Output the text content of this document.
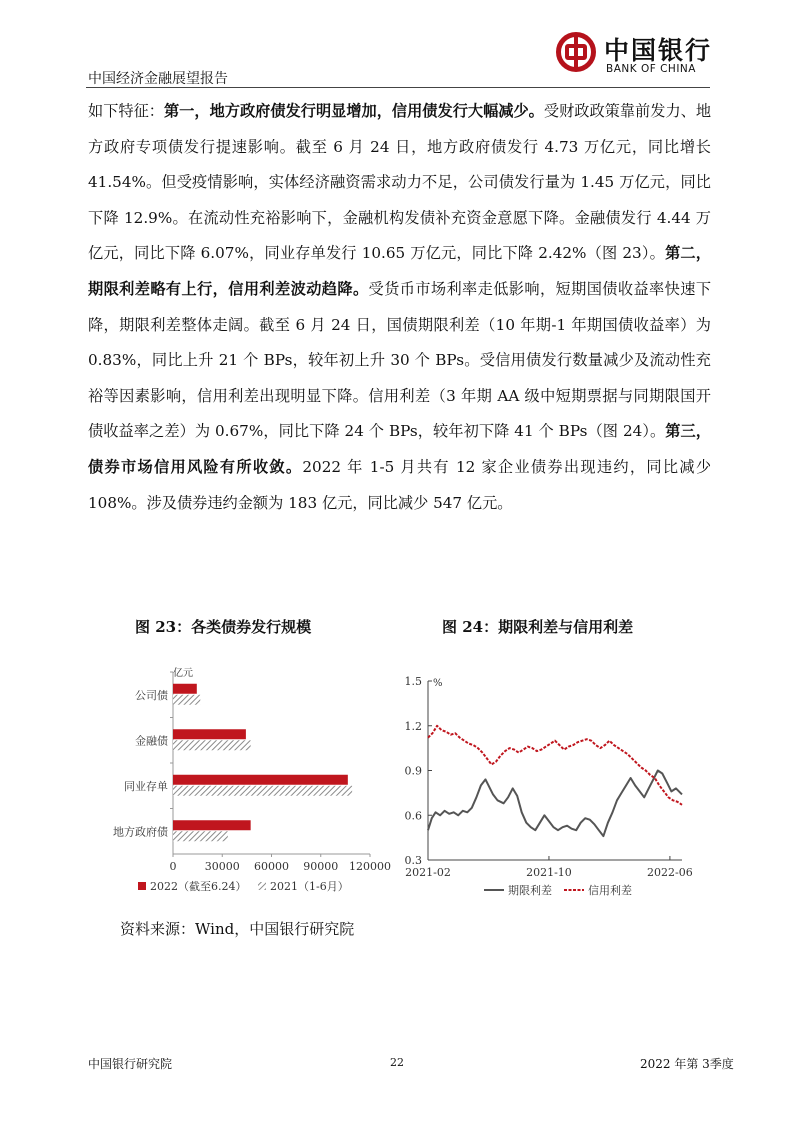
中国银行
BANK OF CHINA
中国经济金融展望报告
如下特征：第一，地方政府债发行明显增加，信用债发行大幅减少。受财政政策靠前发力、地方政府专项债发行提速影响。截至 6 月 24 日，地方政府债发行 4.73 万亿元，同比增长 41.54%。但受疫情影响，实体经济融资需求动力不足，公司债发行量为 1.45 万亿元，同比下降 12.9%。在流动性充裕影响下，金融机构发债补充资金意愿下降。金融债发行 4.44 万亿元，同比下降 6.07%，同业存单发行 10.65 万亿元，同比下降 2.42%（图 23）。第二，期限利差略有上行，信用利差波动趋降。受货币市场利率走低影响，短期国债收益率快速下降，期限利差整体走阔。截至 6 月 24 日，国债期限利差（10 年期-1 年期国债收益率）为 0.83%，同比上升 21 个 BPs，较年初上升 30 个 BPs。受信用债发行数量减少及流动性充裕等因素影响，信用利差出现明显下降。信用利差（3 年期 AA 级中短期票据与同期限国开债收益率之差）为 0.67%，同比下降 24 个 BPs，较年初下降 41 个 BPs（图 24）。第三，债券市场信用风险有所收敛。2022 年 1-5 月共有 12 家企业债券出现违约，同比减少 108%。涉及债券违约金额为 183 亿元，同比减少 547 亿元。
图 23：各类债券发行规模	图 24：期限利差与信用利差
亿元
公司债
金融债
同业存单
地方政府债
0	30000 60000 90000 120000
2022（截至6.24） 2021（1-6月）
%
0.3
0.6
0.9
1.2
1.5
2021-02	2021-10	2022-06
期限利差	信用利差
资料来源：Wind，中国银行研究院
中国银行研究院	22	2022 年第 3季度
